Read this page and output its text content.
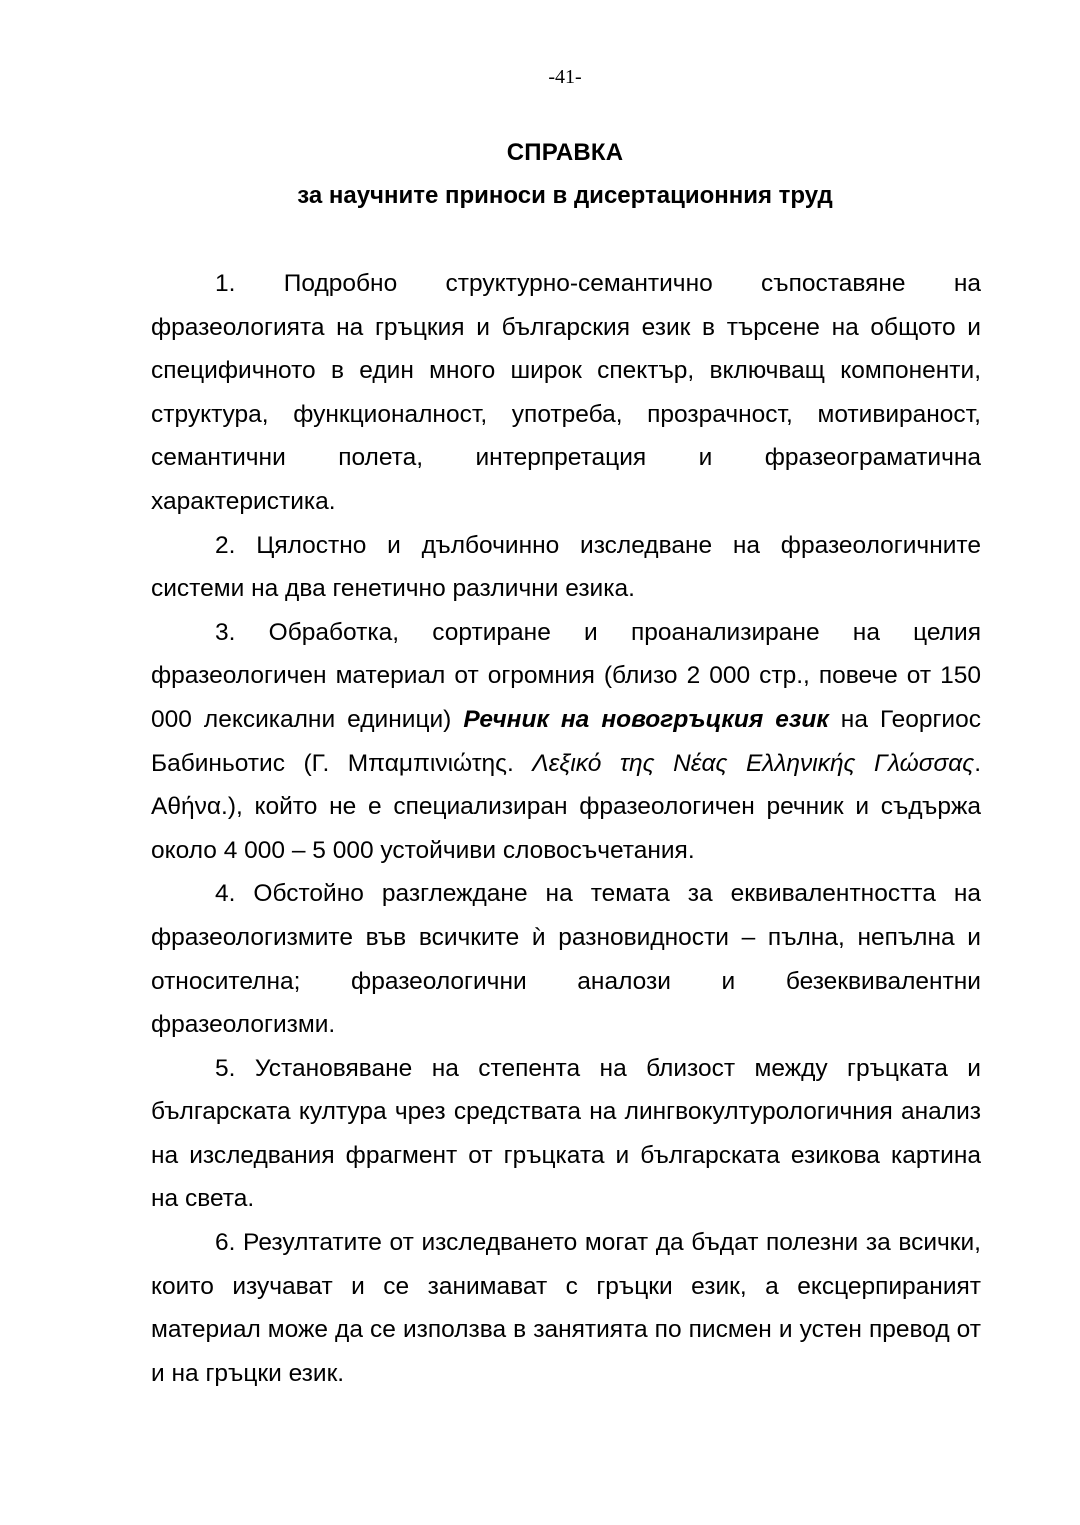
-41-
СПРАВКА
за научните приноси в дисертационния труд

1. Подробно структурно-семантично съпоставяне на фразеологията на гръцкия и българския език в търсене на общото и специфичното в един много широк спектър, включващ компоненти, структура, функционалност, употреба, прозрачност, мотивираност, семантични полета, интерпретация и фразеограматична характеристика.

2. Цялостно и дълбочинно изследване на фразеологичните системи на два генетично различни езика.

3. Обработка, сортиране и проанализиране на целия фразеологичен материал от огромния (близо 2 000 стр., повече от 150 000 лексикални единици) Речник на новогръцкия език на Георгиос Бабиньотис (Γ. Μπαμπινιώτης. Λεξικό της Νέας Ελληνικής Γλώσσας. Αθήνα.), който не е специализиран фразеологичен речник и съдържа около 4 000 – 5 000 устойчиви словосъчетания.

4. Обстойно разглеждане на темата за еквивалентността на фразеологизмите във всичките ѝ разновидности – пълна, непълна и относителна; фразеологични аналози и безеквивалентни фразеологизми.

5. Установяване на степента на близост между гръцката и българската култура чрез средствата на лингвокултурологичния анализ на изследвания фрагмент от гръцката и българската езикова картина на света.

6. Резултатите от изследването могат да бъдат полезни за всички, които изучават и се занимават с гръцки език, а ексцерпираният материал може да се използва в занятията по писмен и устен превод от и на гръцки език.
